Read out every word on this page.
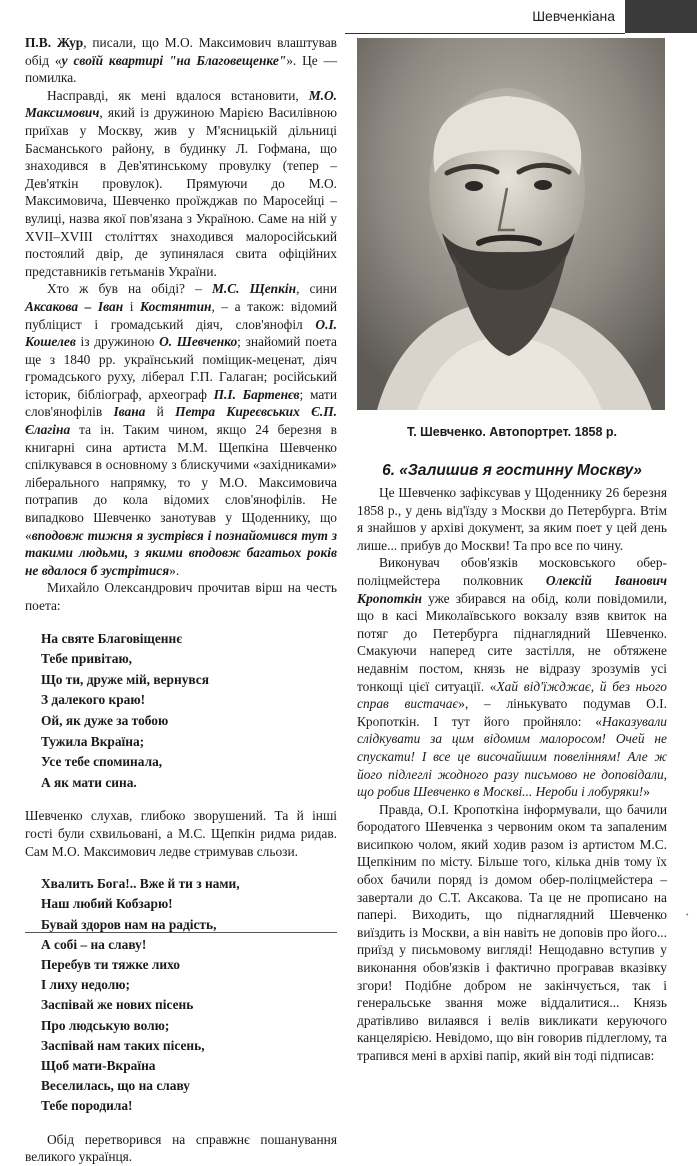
Шевченкіана

П.В. Жур, писали, що М.О. Максимович влаштував обід «у своїй квартирі "на Благовещенке"». Це — помилка.

Насправді, як мені вдалося встановити, М.О. Максимович, який із дружиною Марією Василівною приїхав у Москву, жив у М'ясницькій дільниці Басманського району, в будинку Л. Гофмана, що знаходився в Дев'ятинському провулку (тепер – Дев'яткін провулок). Прямуючи до М.О. Максимовича, Шевченко проїжджав по Маросейці – вулиці, назва якої пов'язана з Україною. Саме на ній у XVII–XVIII століттях знаходився малоросійський постоялий двір, де зупинялася свита офіційних представників гетьманів України.

Хто ж був на обіді? – М.С. Щепкін, сини Аксакова – Іван і Костянтин, – а також: відомий публіцист і громадський діяч, слов'янофіл О.І. Кошелев із дружиною О. Шевченко; знайомий поета ще з 1840 рр. український поміщик-меценат, діяч громадського руху, ліберал Г.П. Галаган; російський історик, бібліограф, археограф П.І. Бартенєв; мати слов'янофілів Івана й Петра Киреєвських Є.П. Єлагіна та ін. Таким чином, якщо 24 березня в книгарні сина артиста М.М. Щепкіна Шевченко спілкувався в основному з блискучими «західниками» ліберального напрямку, то у М.О. Максимовича потрапив до кола відомих слов'янофілів. Не випадково Шевченко занотував у Щоденнику, що «вподовж тижня я зустрівся і познайомився тут з такими людьми, з якими вподовж багатьох років не вдалося б зустрітися».

Михайло Олександрович прочитав вірш на честь поета:

На святе Благовіщеннє
Тебе привітаю,
Що ти, друже мій, вернувся
З далекого краю!
Ой, як дуже за тобою
Тужила Вкраїна;
Усе тебе споминала,
А як мати сина.

Шевченко слухав, глибоко зворушений. Та й інші гості були схвильовані, а М.С. Щепкін ридма ридав. Сам М.О. Максимович ледве стримував сльози.

Хвалить Бога!.. Вже й ти з нами,
Наш любий Кобзарю!
Бувай здоров нам на радість,
А собі – на славу!
Перебув ти тяжке лихо
І лиху недолю;
Заспівай же нових пісень
Про людськую волю;
Заспівай нам таких пісень,
Щоб мати-Вкраїна
Веселилась, що на славу
Тебе породила!

Обід перетворився на справжнє пошанування великого українця.

Т. Шевченко. Автопортрет. 1858 р.
6. «Залишив я гостинну Москву»

Це Шевченко зафіксував у Щоденнику 26 березня 1858 р., у день від'їзду з Москви до Петербурга. Втім я знайшов у архіві документ, за яким поет у цей день лише... прибув до Москви! Та про все по чину.

Виконувач обов'язків московського обер-поліцмейстера полковник Олексій Іванович Кропоткін уже збирався на обід, коли повідомили, що в касі Миколаївського вокзалу взяв квиток на потяг до Петербурга піднаглядний Шевченко. Смакуючи наперед сите застілля, не обтяжене недавнім постом, князь не відразу зрозумів усі тонкощі цієї ситуації. «Хай від'їжджає, й без нього справ вистачає», – лінькувато подумав О.І. Кропоткін. І тут його пройняло: «Наказували слідкувати за цим відомим малоросом! Очей не спускати! І все це височайшим повелінням! Але ж його підлеглі жодного разу письмово не доповідали, що робив Шевченко в Москві... Нероби і лобуряки!»

Правда, О.І. Кропоткіна інформували, що бачили бородатого Шевченка з червоним оком та запаленим висипкою чолом, який ходив разом із артистом М.С. Щепкіним по місту. Більше того, кілька днів тому їх обох бачили поряд із домом обер-поліцмейстера – завертали до С.Т. Аксакова. Та це не прописано на папері. Виходить, що піднаглядний Шевченко виїздить із Москви, а він навіть не доповів про його... приїзд у письмовому вигляді! Нещодавно вступив у виконання обов'язків і фактично програвав вказівку згори! Подібне добром не закінчується, так і генеральське звання може віддалитися... Князь дратівливо вилаявся і велів викликати керуючого канцелярією. Невідомо, що він говорив підлеглому, та трапився мені в архіві папір, який він тоді підписав:

•
